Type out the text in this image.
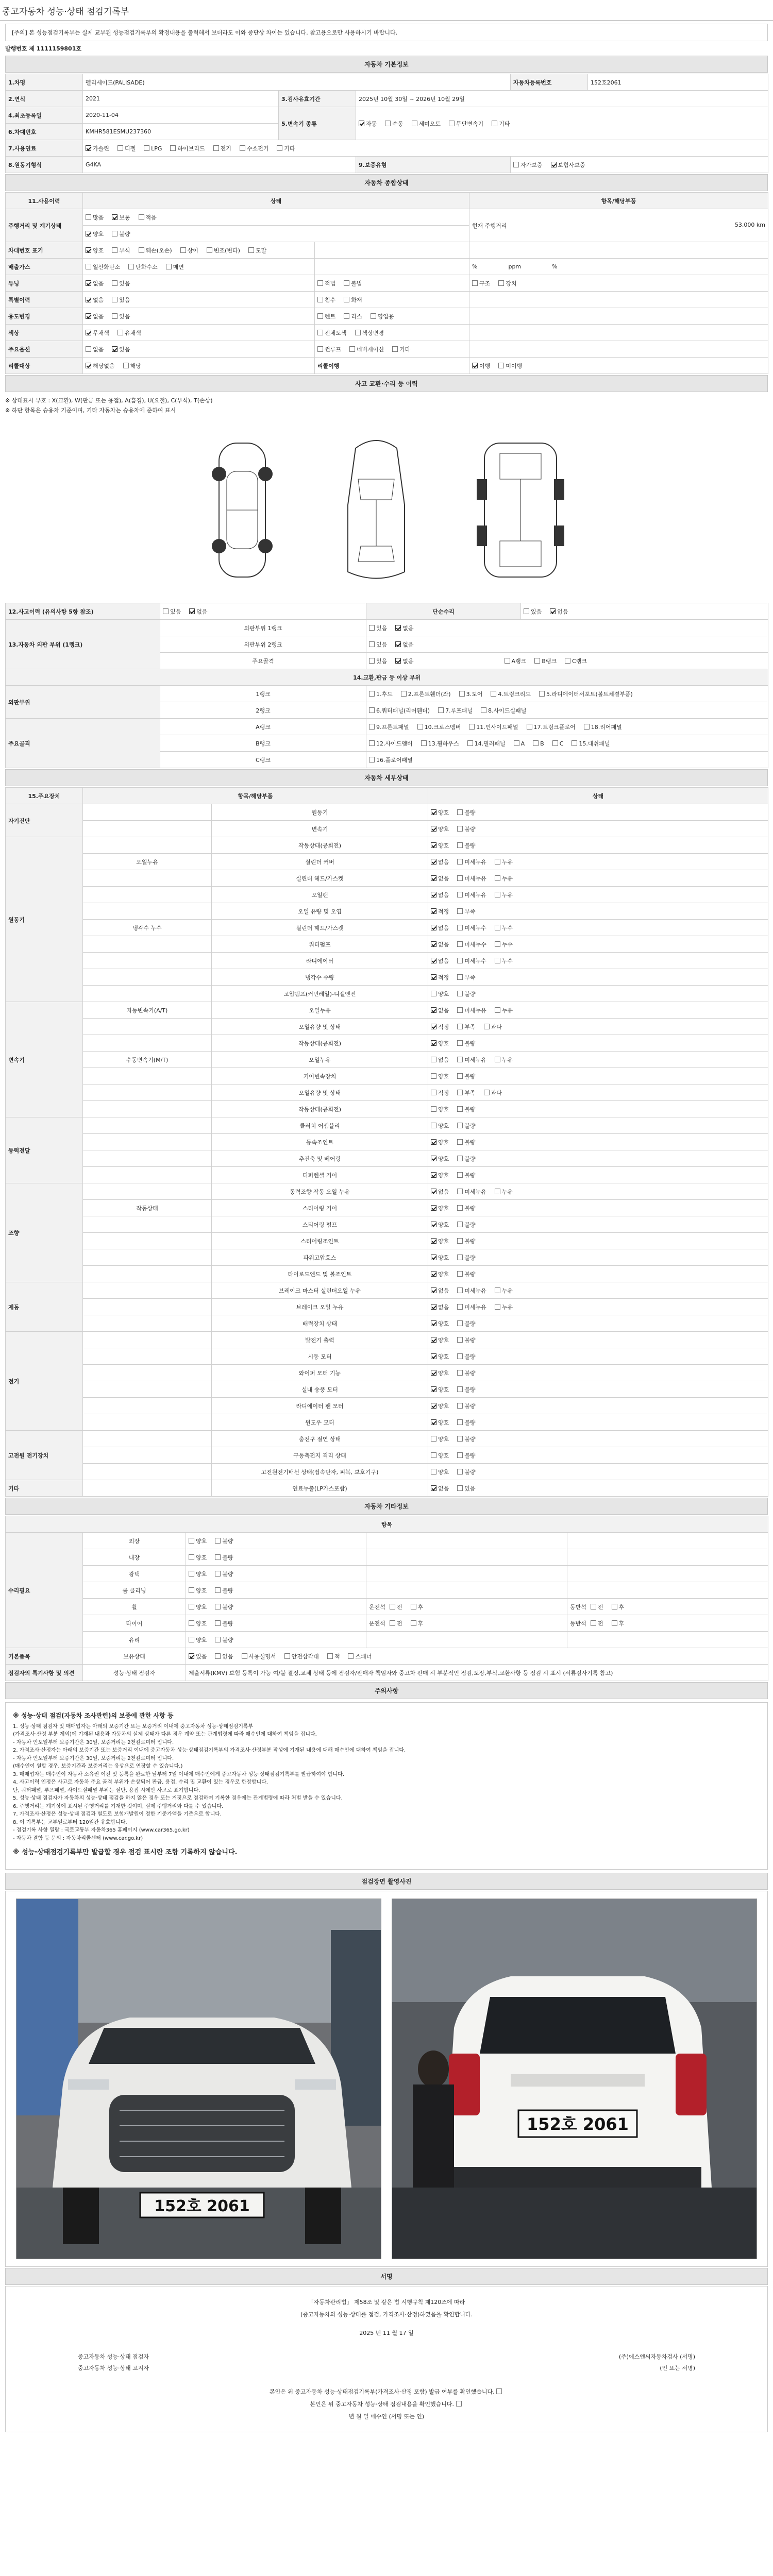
중고자동차 성능·상태 점검기록부
[주의] 본 성능점검기록부는 실제 교부된 성능점검기록부의 확정내용을 출력해서 보더라도 이와 중단상 차이는 있습니다. 참고용으로만 사용하시기 바랍니다.
발행번호 제 1111159801호
자동차 기본정보
1.차명	펠리세이드(PALISADE)			자동차등록번호	152호2061
2.연식	2021	3.검사유효기간	2025년 10월 30일 ~ 2026년 10월 29일		
4.최초등록일	2020-11-04	5.변속기 종류	자동 수동 세미오토 무단변속기 기타		
6.차대번호	KMHR581ESMU237360				
7.사용연료	가솔린 디젤 LPG 하이브리드 전기 수소전기 기타				
8.원동기형식	G4KA		9.보증유형	자가보증 보험사보증	
자동차 종합상태
11.사용이력	상태		항목/해당부품
주행거리 및 계기상태	많음 보통 적음		현재 주행거리 53,000 km

	양호 불량		
차대번호 표기	양호 부식 훼손(오손) 상이 변조(변타) 도말		
배출가스	일산화탄소 탄화수소 매연		% ppm %
튜닝	없음 있음	적법 불법	구조 장치
특별이력	없음 있음	침수 화재	
용도변경	없음 있음	렌트 리스 영업용	
색상	무채색 유채색	전체도색 색상변경	
주요옵션	없음 있음	썬루프 네비게이션 기타	
리콜대상	해당없음 해당	리콜이행	이행 미이행
사고 교환·수리 등 이력
※ 상태표시 부호 : X(교환), W(판금 또는 용접), A(흠집), U(요철), C(부식), T(손상)
※ 하단 항목은 승용차 기준이며, 기타 자동차는 승용차에 준하여 표시
12.사고이력 (유의사항 5항 참조)	있음 없음	단순수리	있음 없음
13.자동차 외판 부위 (1랭크)	외판부위 1랭크	있음 없음	
	외판부위 2랭크	있음 없음	
	주요골격	있음 없음 A랭크 B랭크 C랭크	
14.교환,판금 등 이상 부위			
외판부위	1랭크	1.후드 2.프론트휀더(좌) 3.도어 4.트렁크리드 5.라디에이터서포트(볼트체결부품)	
	2랭크	6.쿼터패널(리어휀더) 7.루프패널 8.사이드실패널	
주요골격	A랭크	9.프론트패널 10.크로스멤버 11.인사이드패널 17.트렁크플로어 18.리어패널	
	B랭크	12.사이드멤버 13.휠하우스 14.필러패널 A B C 15.대쉬패널	
	C랭크	16.플로어패널	
자동차 세부상태
15.주요장치	항목/해당부품		상태
자기진단		원동기	양호 불량
		변속기	양호 불량
원동기		작동상태(공회전)	양호 불량
	오일누유	실린더 커버	없음 미세누유 누유
		실린더 헤드/가스켓	없음 미세누유 누유
		오일팬	없음 미세누유 누유
		오일 유량 및 오염	적정 부족
	냉각수 누수	실린더 헤드/가스켓	없음 미세누수 누수
		워터펌프	없음 미세누수 누수
		라디에이터	없음 미세누수 누수
		냉각수 수량	적정 부족
		고압펌프(커먼레일)-디젤엔진	양호 불량
변속기	자동변속기(A/T)	오일누유	없음 미세누유 누유
		오일유량 및 상태	적정 부족 과다
		작동상태(공회전)	양호 불량
	수동변속기(M/T)	오일누유	없음 미세누유 누유
		기어변속장치	양호 불량
		오일유량 및 상태	적정 부족 과다
		작동상태(공회전)	양호 불량
동력전달		클러치 어셈블리	양호 불량
		등속조인트	양호 불량
		추진축 및 베어링	양호 불량
		디퍼렌셜 기어	양호 불량
조향		동력조향 작동 오일 누유	없음 미세누유 누유
	작동상태	스티어링 기어	양호 불량
		스티어링 펌프	양호 불량
		스티어링조인트	양호 불량
		파워고압호스	양호 불량
		타이로드엔드 및 볼조인트	양호 불량
제동		브레이크 마스터 실린더오일 누유	없음 미세누유 누유
		브레이크 오일 누유	없음 미세누유 누유
		배력장치 상태	양호 불량
전기		발전기 출력	양호 불량
		시동 모터	양호 불량
		와이퍼 모터 기능	양호 불량
		실내 송풍 모터	양호 불량
		라디에이터 팬 모터	양호 불량
		윈도우 모터	양호 불량
고전원 전기장치		충전구 절연 상태	양호 불량
		구동축전지 격리 상태	양호 불량
		고전원전기배선 상태(접속단자, 피복, 보호기구)	양호 불량
기타		연료누출(LP가스포함)	없음 있음
자동차 기타정보
항목				
수리필요	외장	양호 불량		
	내장	양호 불량		
	광택	양호 불량		
	룸 클리닝	양호 불량		
	휠	양호 불량	운전석 전 후	동반석 전 후
	타이어	양호 불량	운전석 전 후	동반석 전 후
	유리	양호 불량		
기본품목	보유상태	있음 없음 사용설명서 안전삼각대 잭 스패너		
점검자의 특기사항 및 의견	성능·상태 점검자	제출서류(KMV) 보험 등록이 가능 여/불 결정,교체 상태 등에 점검자/판매자 책임자와 중고차 판매 시 부분적인 점검,도장,부식,교환사항 등 점검 시 표시 (서류검사기록 참고)		
주의사항
※ 성능·상태 점검(자동차 조사관련)의 보증에 관한 사항 등
1. 성능·상태 점검자 및 매매업자는 아래의 보증기간 또는 보증거리 이내에 중고자동차 성능·상태점검기록부
(가격조사·산정 부분 제외)에 기재된 내용과 자동차의 실제 상태가 다른 경우 계약 또는 관계법령에 따라 매수인에 대하여 책임을 집니다.
- 자동차 인도일부터 보증기간은 30일, 보증거리는 2천킬로미터 입니다.
2. 가격조사·산정자는 아래의 보증기간 또는 보증거리 이내에 중고자동차 성능·상태점검기록부의 가격조사·산정부분 작성에 기재된 내용에 대해 매수인에 대하여 책임을 집니다.
- 자동차 인도일부터 보증기간은 30일, 보증거리는 2천킬로미터 입니다.
(매수인이 원할 경우, 보증기간과 보증거리는 유상으로 연장할 수 있습니다.)
3. 매매업자는 매수인이 자동차 소유권 이전 및 등록을 완료한 날부터 7일 이내에 매수인에게 중고자동차 성능·상태점검기록부를 발급하여야 합니다.
4. 사고이력 인정은 사고로 자동차 주요 골격 부위가 손상되어 판금, 용접, 수리 및 교환이 있는 경우로 한정합니다.
단, 쿼터패널, 루프패널, 사이드실패널 부위는 절단, 용접 시에만 사고로 표기합니다.
5. 성능·상태 점검자가 자동차의 성능·상태 점검을 하지 않은 경우 또는 거짓으로 점검하여 기록한 경우에는 관계법령에 따라 처벌 받을 수 있습니다.
6. 주행거리는 계기상에 표시된 주행거리를 기재한 것이며, 실제 주행거리와 다를 수 있습니다.
7. 가격조사·산정은 성능·상태 점검과 별도로 보험개발원이 정한 기준가액을 기준으로 합니다.
8. 이 기록부는 교부일로부터 120일간 유효합니다.
- 점검기록 사항 열람 : 국토교통부 자동차365 홈페이지 (www.car365.go.kr)
- 자동차 결함 등 문의 : 자동차리콜센터 (www.car.go.kr)
※ 성능·상태점검기록부만 발급할 경우 점검 표시란 조항 기록하지 않습니다.
점검장면 촬영사진
152호 2061
152호 2061
서명
「자동차관리법」 제58조 및 같은 법 시행규칙 제120조에 따라
(중고자동차의 성능·상태를 점검, 가격조사·산정)하였음을 확인합니다.
2025 년 11 월 17 일
중고자동차 성능·상태 점검자	(주)에스엔씨자동차검사 (서명)
중고자동차 성능·상태 고지자	(인 또는 서명)
본인은 위 중고자동차 성능·상태점검기록부(가격조사·산정 포함) 발급 여부를 확인했습니다.
본인은 위 중고자동차 성능·상태 점검내용을 확인했습니다.
년 월 일 매수인 (서명 또는 인)
